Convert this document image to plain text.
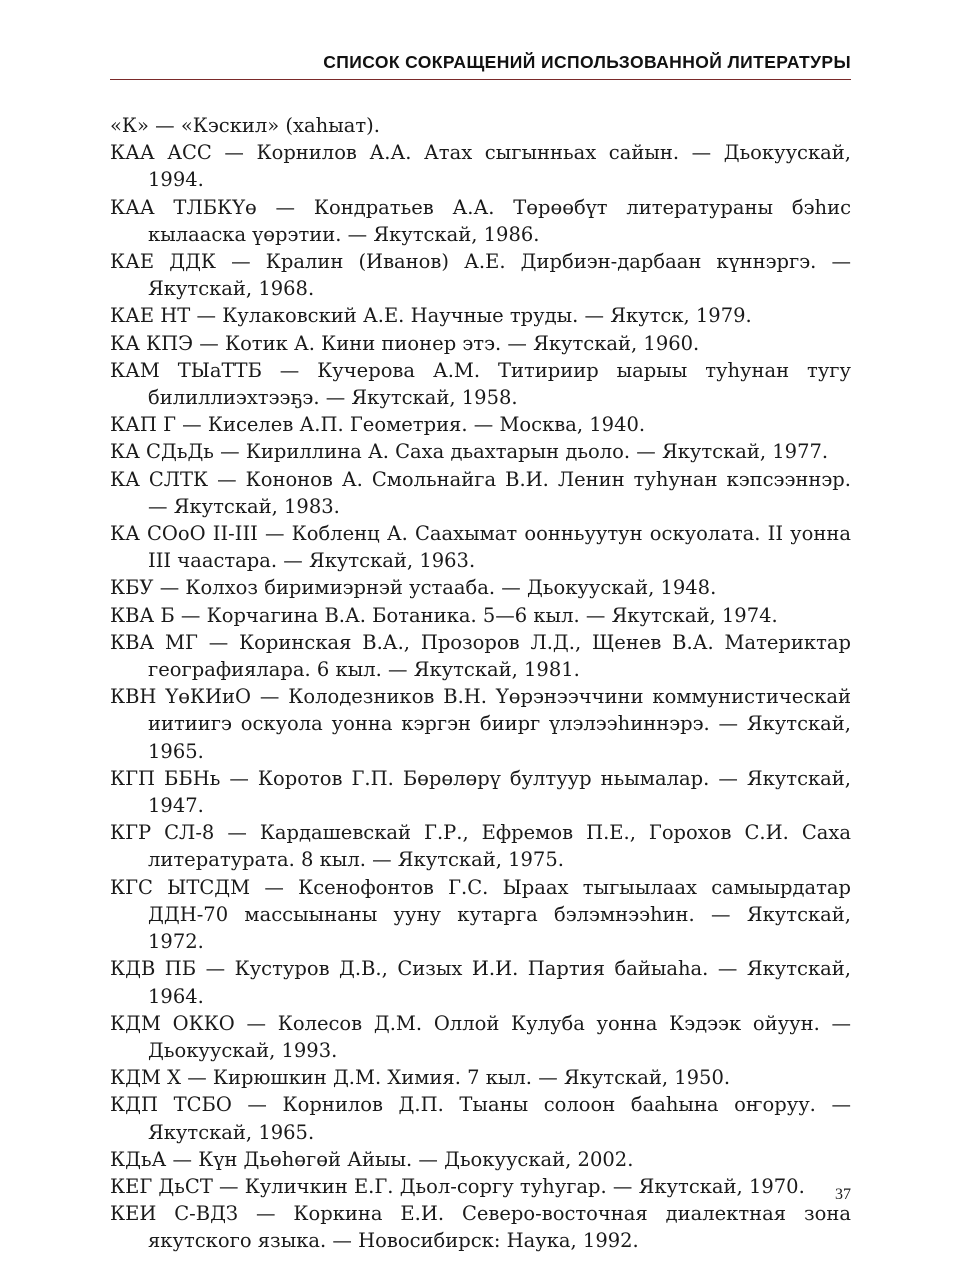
СПИСОК СОКРАЩЕНИЙ ИСПОЛЬЗОВАННОЙ ЛИТЕРАТУРЫ
«К» — «Кэскил» (хаһыат).
КАА АСС — Корнилов А.А. Атах сыгынньах сайын. — Дьокуускай, 1994.
КАА ТЛБКҮө — Кондратьев А.А. Төрөөбүт литератураны бэһис кылааска үөрэтии. — Якутскай, 1986.
КАЕ ДДК — Кралин (Иванов) А.Е. Дирбиэн-дарбаан күннэргэ. — Якутскай, 1968.
КАЕ НТ — Кулаковский А.Е. Научные труды. — Якутск, 1979.
КА КПЭ — Котик А. Кини пионер этэ. — Якутскай, 1960.
КАМ ТЫаТТБ — Кучерова А.М. Титирииp ыарыы туһунан тугу билиллиэхтээҕэ. — Якутскай, 1958.
КАП Г — Киселев А.П. Геометрия. — Москва, 1940.
КА СДьДь — Кириллина А. Саха дьахтарын дьоло. — Якутскай, 1977.
КА СЛТК — Кононов А. Смольнайга В.И. Ленин туһунан кэпсээннэр. — Якутскай, 1983.
КА СОоО II-III — Кобленц А. Саахымат оонньуутун оскуолата. II уонна III чаастара. — Якутскай, 1963.
КБУ — Колхоз биримиэрнэй устааба. — Дьокуускай, 1948.
КВА Б — Корчагина В.А. Ботаника. 5—6 кыл. — Якутскай, 1974.
КВА МГ — Коринская В.А., Прозоров Л.Д., Щенев В.А. Материктар географиялара. 6 кыл. — Якутскай, 1981.
КВН ҮөКИиО — Колодезников В.Н. Үөрэнээччини коммунистическай иитиигэ оскуола уонна кэргэн биирг үлэлээһиннэрэ. — Якутскай, 1965.
КГП ББНь — Коротов Г.П. Бөрөлөрү бултуур ньымалар. — Якутскай, 1947.
КГР СЛ-8 — Кардашевскай Г.Р., Ефремов П.Е., Горохов С.И. Саха литературата. 8 кыл. — Якутскай, 1975.
КГС ЫТСДМ — Ксенофонтов Г.С. Ыраах тыгыылаах самыырдатар ДДН-70 массыынаны ууну кутарга бэлэмнээһин. — Якутскай, 1972.
КДВ ПБ — Кустуров Д.В., Сизых И.И. Партия байыаһа. — Якутскай, 1964.
КДМ ОККО — Колесов Д.М. Оллой Кулуба уонна Кэдээк ойуун. — Дьокуускай, 1993.
КДМ Х — Кирюшкин Д.М. Химия. 7 кыл. — Якутскай, 1950.
КДП ТСБО — Корнилов Д.П. Тыаны солоон бааһына оҥоруу. — Якутскай, 1965.
КДьА — Күн Дьөһөгөй Айыы. — Дьокуускай, 2002.
КЕГ ДьСТ — Куличкин Е.Г. Дьол-соргу туһугар. — Якутскай, 1970.
КЕИ С-ВДЗ — Коркина Е.И. Северо-восточная диалектная зона якутского языка. — Новосибирск: Наука, 1992.
37
